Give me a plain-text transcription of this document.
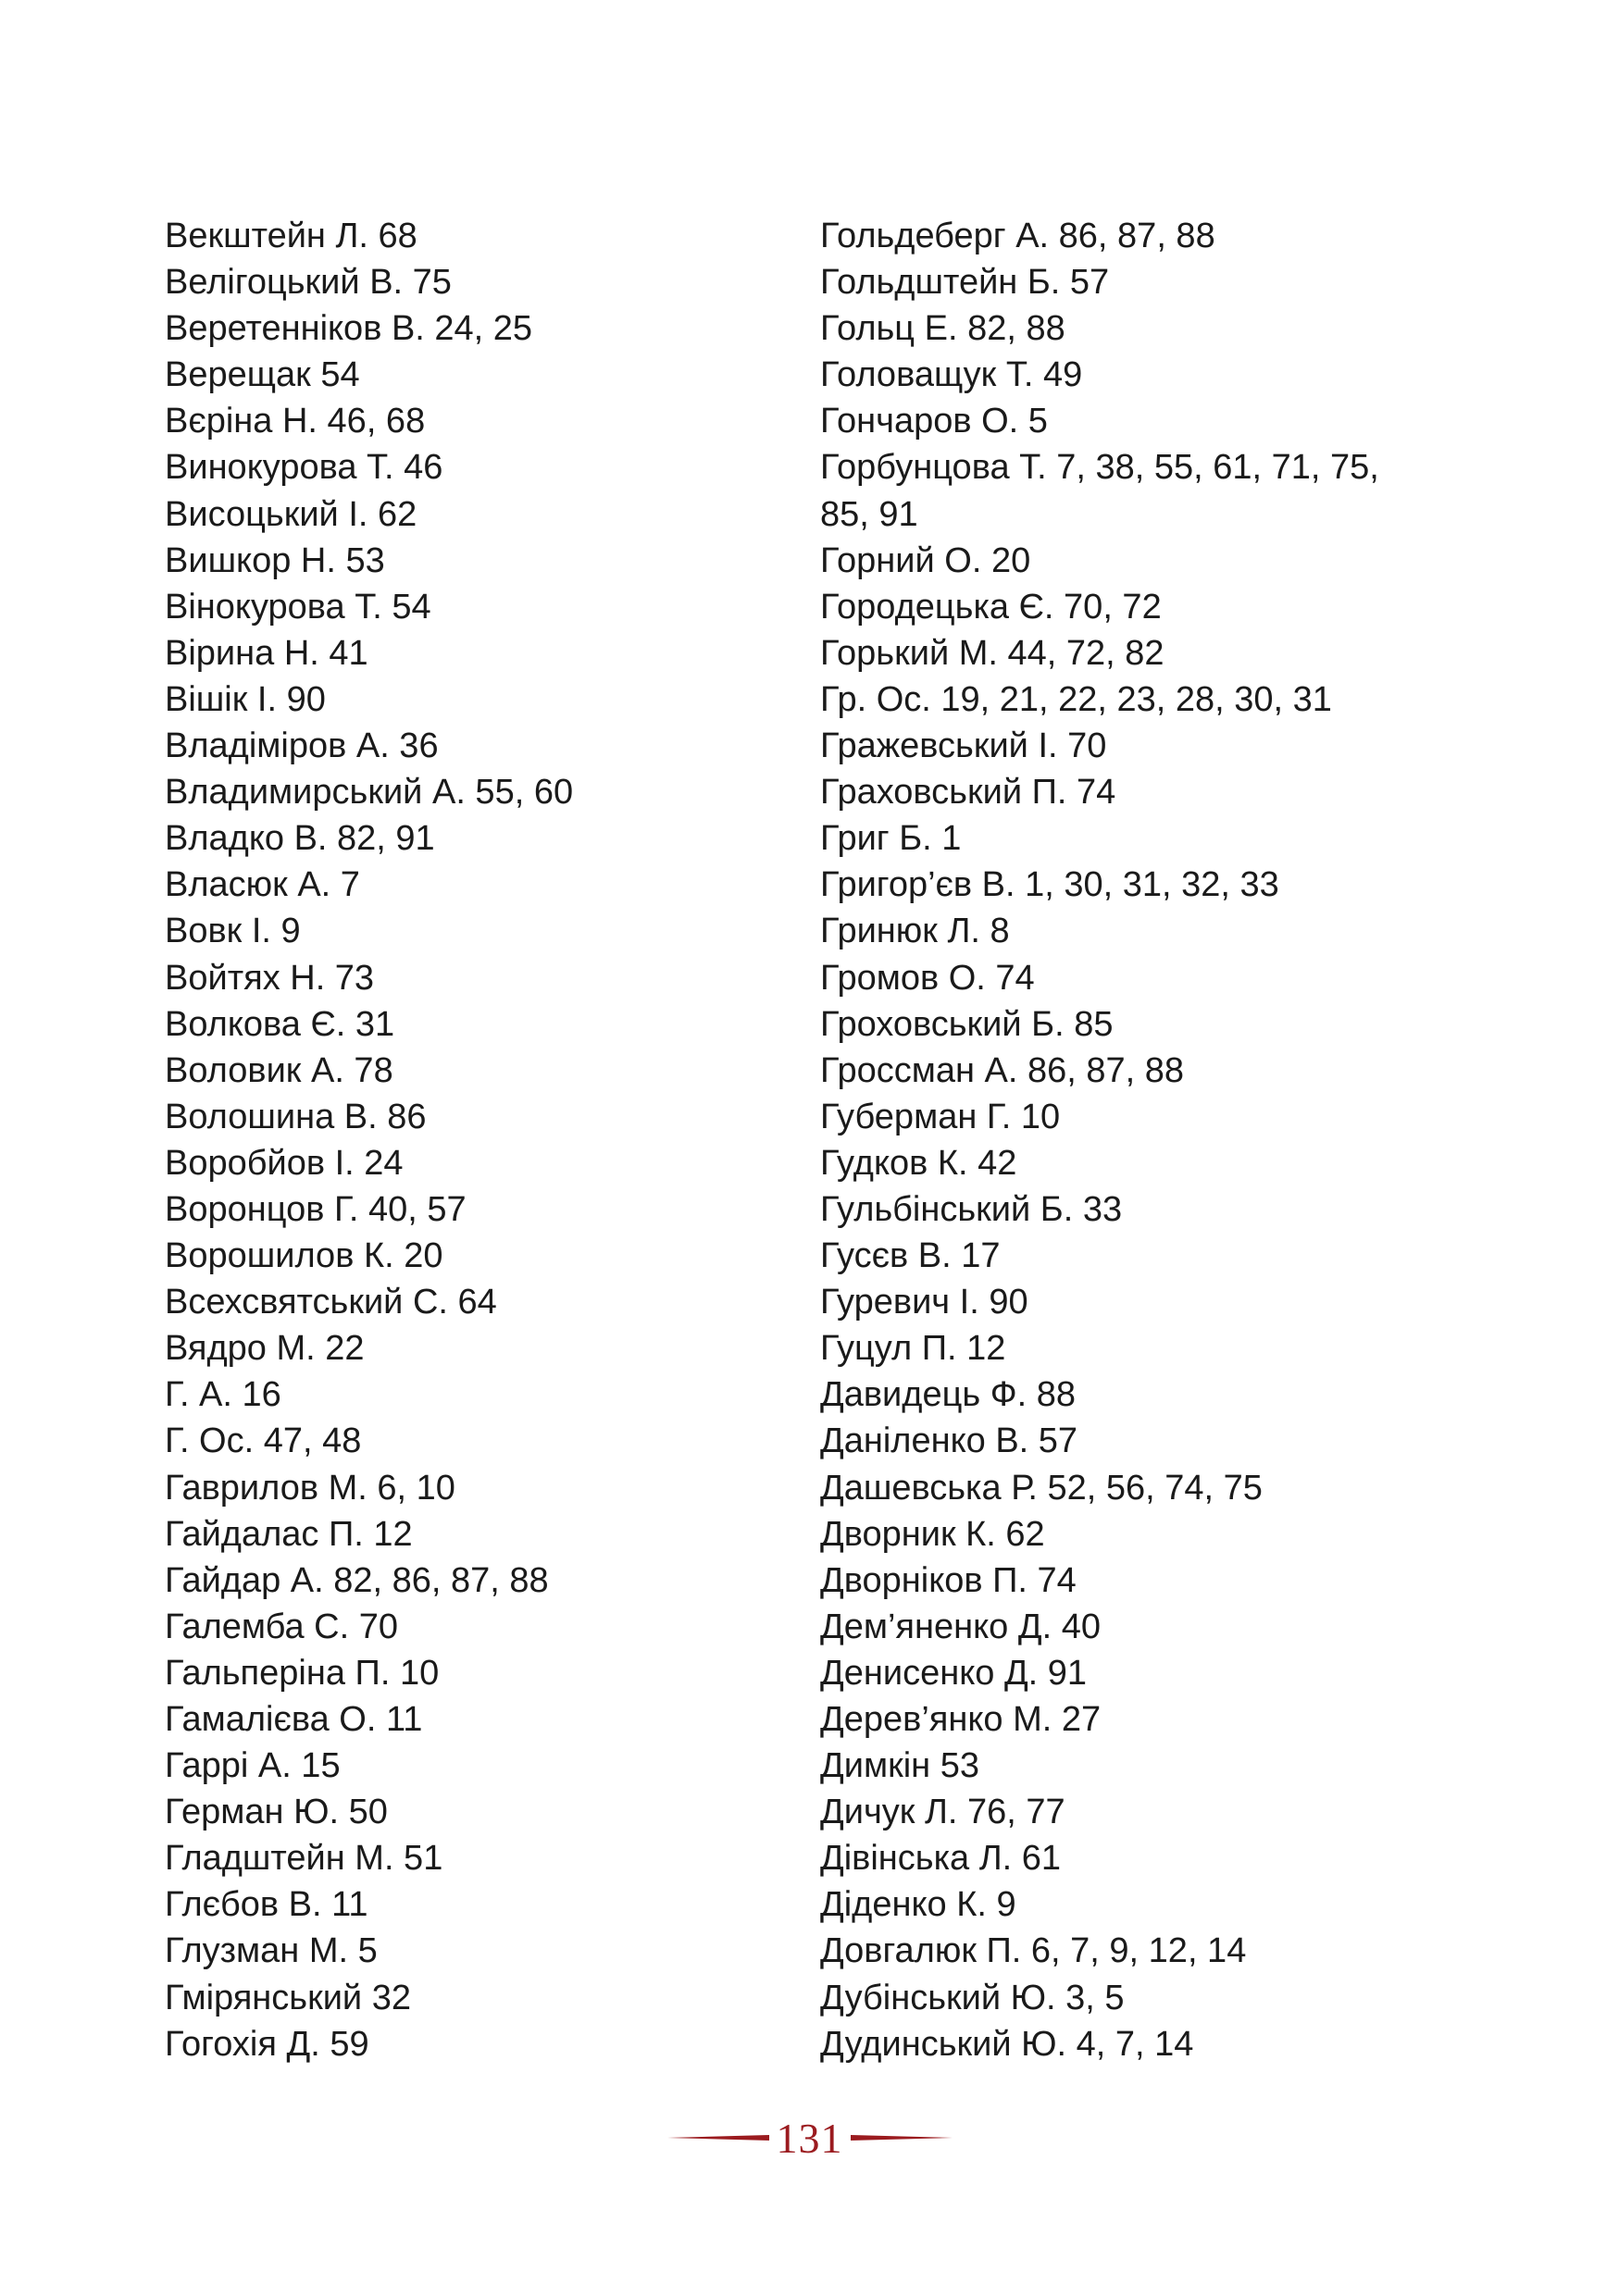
Векштейн Л. 68
Велігоцький В. 75
Веретенніков В. 24, 25
Верещак 54
Вєріна Н. 46, 68
Винокурова Т. 46
Висоцький І. 62
Вишкор Н. 53
Вінокурова Т. 54
Вірина Н. 41
Вішік І. 90
Владіміров А. 36
Владимирський А. 55, 60
Владко В. 82, 91
Власюк А. 7
Вовк І. 9
Войтях Н. 73
Волкова Є. 31
Воловик А. 78
Волошина В. 86
Воробйов І. 24
Воронцов Г. 40, 57
Ворошилов К. 20
Всехсвятський С. 64
Вядро М. 22
Г. А. 16
Г. Ос. 47, 48
Гаврилов М. 6, 10
Гайдалас П. 12
Гайдар А. 82, 86, 87, 88
Галемба С. 70
Гальперіна П. 10
Гамалієва О. 11
Гаррі А. 15
Герман Ю. 50
Гладштейн М. 51
Глєбов В. 11
Глузман М. 5
Гмірянський 32
Гогохія Д. 59
Гольдеберг А. 86, 87, 88
Гольдштейн Б. 57
Гольц Е. 82, 88
Головащук Т. 49
Гончаров О. 5
Горбунцова Т. 7, 38, 55, 61, 71, 75,
85, 91
Горний О. 20
Городецька Є. 70, 72
Горький М. 44, 72, 82
Гр. Ос. 19, 21, 22, 23, 28, 30, 31
Гражевський І. 70
Граховський П. 74
Григ Б. 1
Григор’єв В. 1, 30, 31, 32, 33
Гринюк Л. 8
Громов О. 74
Гроховський Б. 85
Гроссман А. 86, 87, 88
Губерман Г. 10
Гудков К. 42
Гульбінський Б. 33
Гусєв В. 17
Гуревич І. 90
Гуцул П. 12
Давидець Ф. 88
Даніленко В. 57
Дашевська Р. 52, 56, 74, 75
Дворник К. 62
Дворніков П. 74
Дем’яненко Д. 40
Денисенко Д. 91
Дерев’янко М. 27
Димкін 53
Дичук Л. 76, 77
Дівінська Л. 61
Діденко К. 9
Довгалюк П. 6, 7, 9, 12, 14
Дубінський Ю. 3, 5
Дудинський Ю. 4, 7, 14
131
